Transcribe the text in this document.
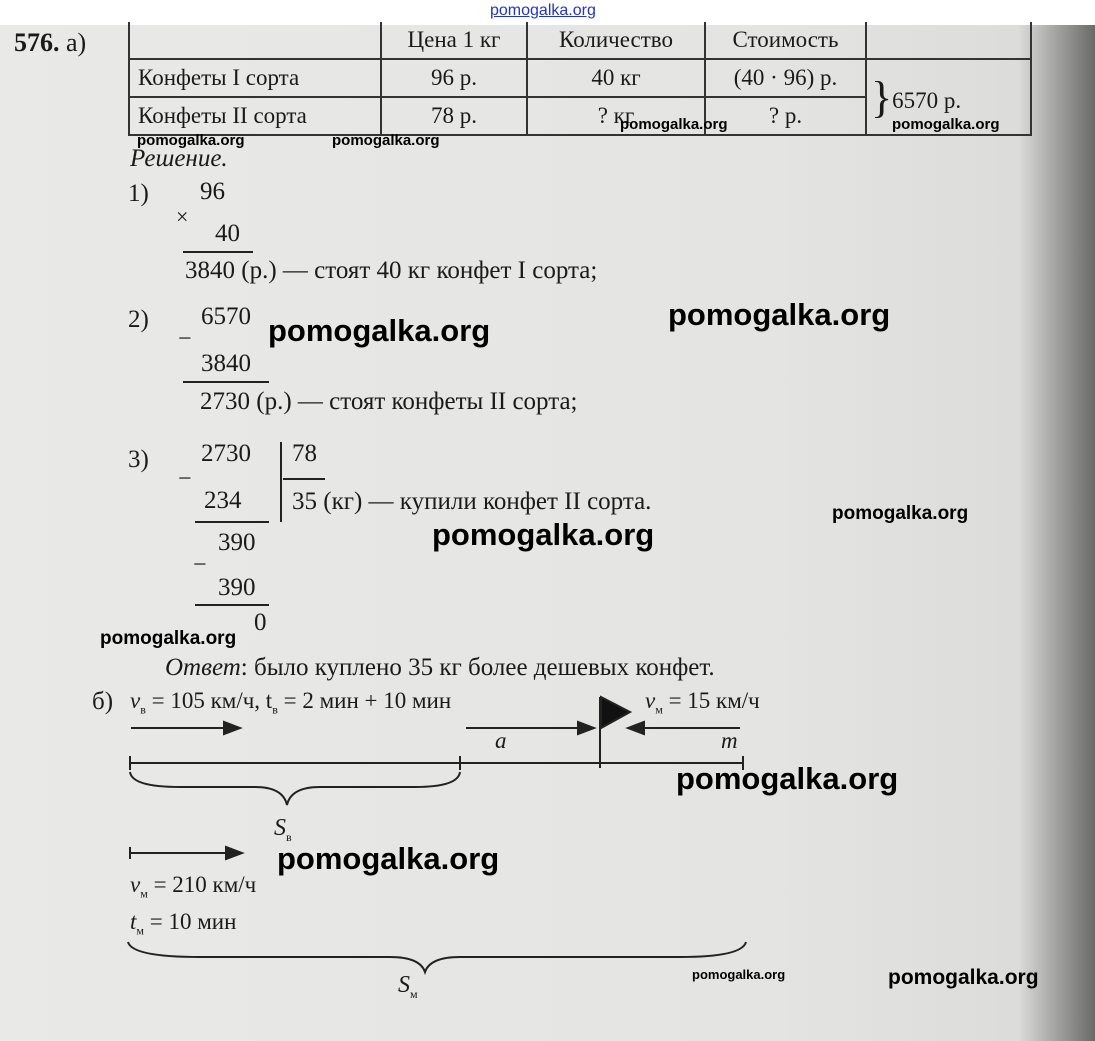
pomogalka.org
576. а)
		Цена 1 кг	Количество	Стоимость	
Конфеты I сорта	96 р.	40 кг	(40 · 96) р.	}6570 р.
Конфеты II сорта	78 р.	? кг	? р.	
Решение.
1) 96
×
40
3840 (р.) — стоят 40 кг конфет I сорта;
2) 6570
−
3840
2730 (р.) — стоят конфеты II сорта;
3) 2730 78
35 (кг) — купили конфет II сорта.
−
234
390
−
390
0
Ответ: было куплено 35 кг более дешевых конфет.
б) $v_в = 105$ км/ч, $t_в = 2$ мин + 10 мин	$v_м = 15$ км/ч
a	m
$S_в$
$v_м = 210$ км/ч
$t_м = 10$ мин
$S_м$
pomogalka.org	pomogalka.org
pomogalka.org	pomogalka.org
pomogalka.org	pomogalka.org
pomogalka.org
pomogalka.org
pomogalka.org
pomogalka.org
pomogalka.org
pomogalka.org	pomogalka.org
